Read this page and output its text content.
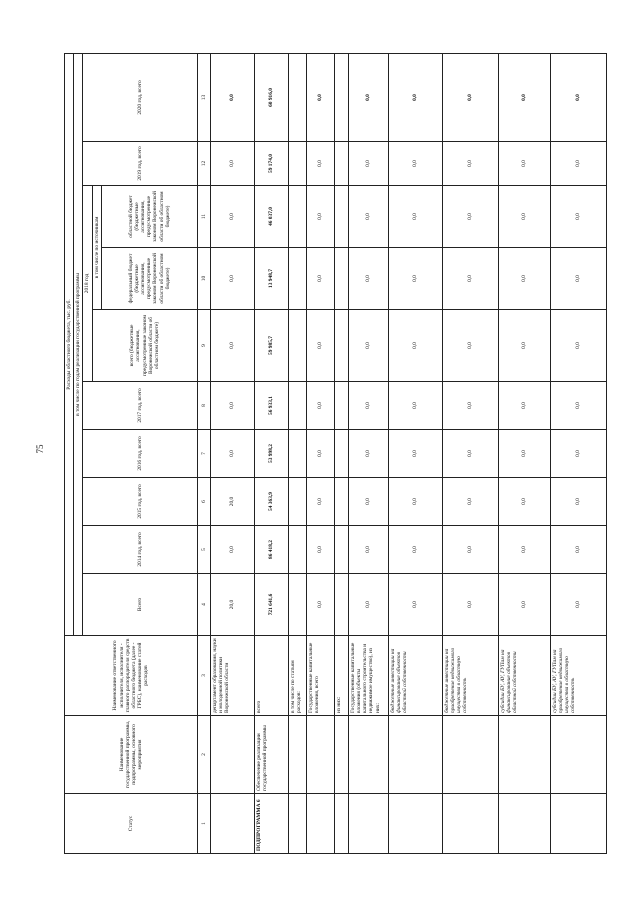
75
Статус	Наименование государственной программы, подпрограммы, основного мероприятия	Наименование ответственного исполнителя, исполнителя - главного распорядителя средств областного бюджета (далее - ГРБС), наименование статей расходов	Расходы областного бюджета, тыс. руб.									
			в том числе по годам реализации государственной программы									
			Всего	2014 год, всего	2015 год, всего	2016 год, всего	2017 год, всего	2018 год			2019 год, всего	2020 год, всего
								всего (бюджетные ассигнования, предусмотренные законом Воронежской области об областном бюджете)	в том числе по источникам			
									федеральный бюджет (бюджетные ассигнования, предусмотренные законом Воронежской области об областном бюджете)	областной бюджет (бюджетные ассигнования, предусмотренные законом Воронежской области об областном бюджете)		
1	2	3	4	5	6	7	8	9	10	11	12	13
		департамент образования, науки и молодежной политики Воронежской области	20,0	0,0	20,0	0,0	0,0	0,0	0,0	0,0	0,0	0,0
ПОДПРОГРАММА 6	Обеспечение реализации государственной программы	всего	721 641,6	86 418,2	54 363,9	53 998,2	56 933,1	59 985,7	13 948,7	46 037,0	59 174,0	60 916,0
		в том числе по статьям расходов:										
		Государственные капитальные вложения, всего	0,0	0,0	0,0	0,0	0,0	0,0	0,0	0,0	0,0	0,0
		из них:										
		Государственные капитальные вложения (объекты капитального строительства и недвижимое имущество), из них:	0,0	0,0	0,0	0,0	0,0	0,0	0,0	0,0	0,0	0,0
		бюджетные инвестиции на финансирование объектов областной собственности	0,0	0,0	0,0	0,0	0,0	0,0	0,0	0,0	0,0	0,0
		бюджетные инвестиции на приобретение недвижимого имущества в областную собственность	0,0	0,0	0,0	0,0	0,0	0,0	0,0	0,0	0,0	0,0
		субсидии БУ, АУ, ГУПам на финансирование объектов областной собственности	0,0	0,0	0,0	0,0	0,0	0,0	0,0	0,0	0,0	0,0
		субсидии БУ, АУ, ГУПам на приобретение недвижимого имущества в областную собственность	0,0	0,0	0,0	0,0	0,0	0,0	0,0	0,0	0,0	0,0
